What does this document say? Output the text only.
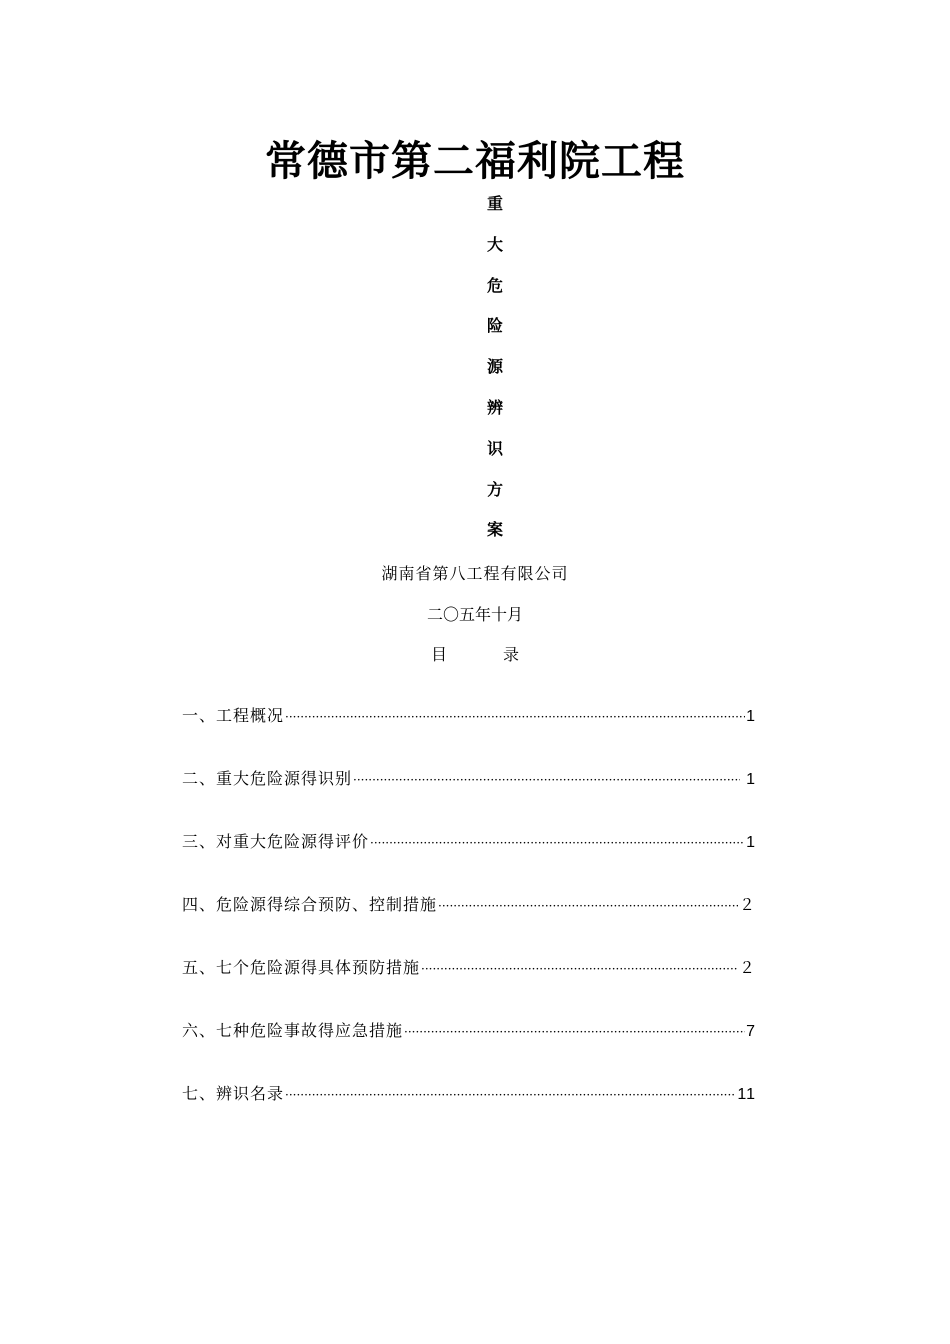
常德市第二福利院工程
重
大
危
险
源
辨
识
方
案
湖南省第八工程有限公司
二〇五年十月
目	录
一、工程概况 ·····	1
二、重大危险源得识别 ·····	1
三、对重大危险源得评价 ·····	1
四、危险源得综合预防、控制措施 ·····	２
五、七个危险源得具体预防措施 ·····	２
六、七种危险事故得应急措施 ·····	7
七、辨识名录 ·····	11
